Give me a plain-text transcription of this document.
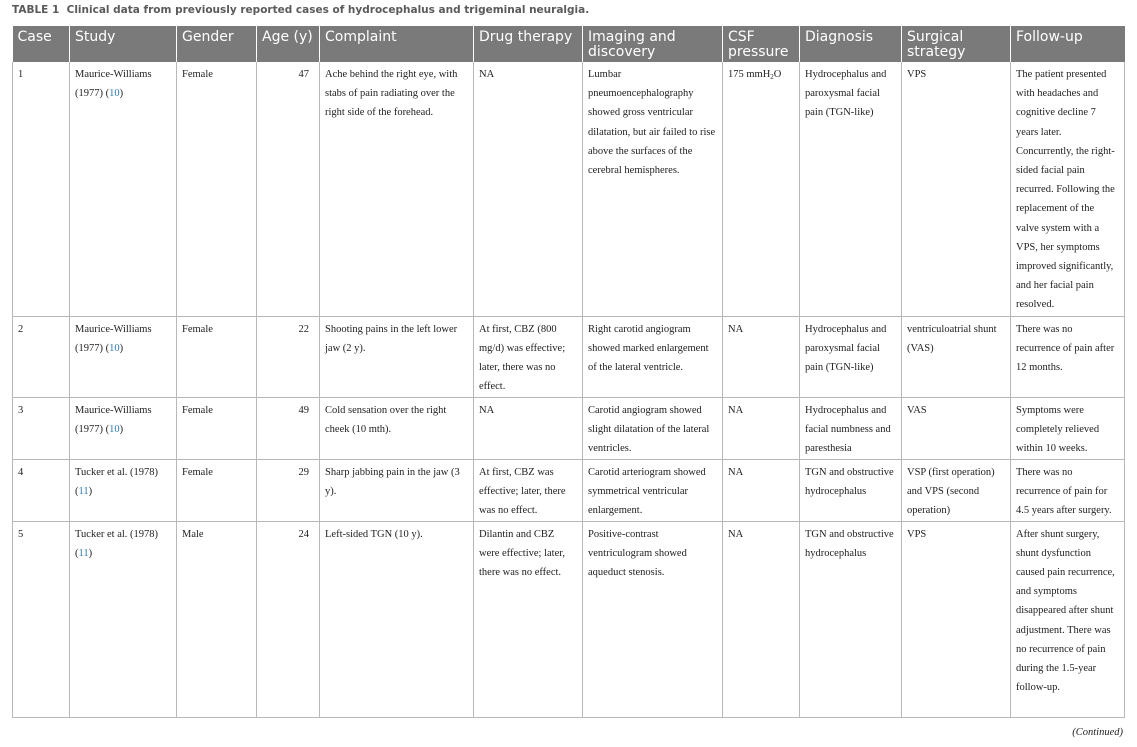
TABLE 1 Clinical data from previously reported cases of hydrocephalus and trigeminal neuralgia.
Case	Study	Gender	Age (y)	Complaint	Drug therapy	Imaging and discovery	CSF pressure	Diagnosis	Surgical strategy	Follow-up
1	Maurice-Williams (1977) (10)	Female	47	Ache behind the right eye, with stabs of pain radiating over the right side of the forehead.	NA	Lumbar pneumoencephalography showed gross ventricular dilatation, but air failed to rise above the surfaces of the cerebral hemispheres.	175 mmH$_2$O	Hydrocephalus and paroxysmal facial pain (TGN-like)	VPS	The patient presented with headaches and cognitive decline 7 years later. Concurrently, the right-sided facial pain recurred. Following the replacement of the valve system with a VPS, her symptoms improved significantly, and her facial pain resolved.
2	Maurice-Williams (1977) (10)	Female	22	Shooting pains in the left lower jaw (2 y).	At first, CBZ (800 mg/d) was effective; later, there was no effect.	Right carotid angiogram showed marked enlargement of the lateral ventricle.	NA	Hydrocephalus and paroxysmal facial pain (TGN-like)	ventriculoatrial shunt (VAS)	There was no recurrence of pain after 12 months.
3	Maurice-Williams (1977) (10)	Female	49	Cold sensation over the right cheek (10 mth).	NA	Carotid angiogram showed slight dilatation of the lateral ventricles.	NA	Hydrocephalus and facial numbness and paresthesia	VAS	Symptoms were completely relieved within 10 weeks.
4	Tucker et al. (1978) (11)	Female	29	Sharp jabbing pain in the jaw (3 y).	At first, CBZ was effective; later, there was no effect.	Carotid arteriogram showed symmetrical ventricular enlargement.	NA	TGN and obstructive hydrocephalus	VSP (first operation) and VPS (second operation)	There was no recurrence of pain for 4.5 years after surgery.
5	Tucker et al. (1978) (11)	Male	24	Left-sided TGN (10 y).	Dilantin and CBZ were effective; later, there was no effect.	Positive-contrast ventriculogram showed aqueduct stenosis.	NA	TGN and obstructive hydrocephalus	VPS	After shunt surgery, shunt dysfunction caused pain recurrence, and symptoms disappeared after shunt adjustment. There was no recurrence of pain during the 1.5-year follow-up.
(Continued)
